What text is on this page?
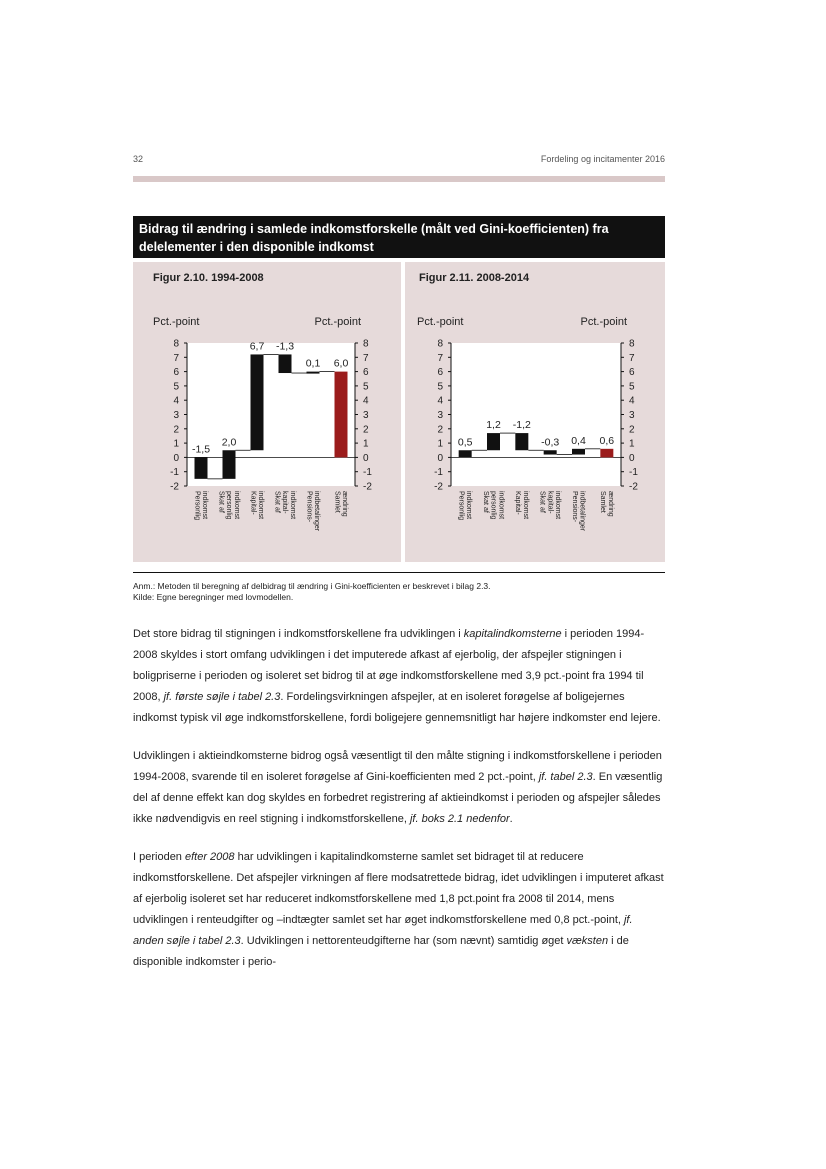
32	Fordeling og incitamenter 2016
Bidrag til ændring i samlede indkomstforskelle (målt ved Gini-koefficienten) fra delelementer i den disponible indkomst
Figur 2.10. 1994-2008
Pct.-point	Pct.-point
8	8
7	7
6	6
5	5
4	4
3	3
2	2
1	1
0	0
-1	-1
-2	-2
-1,5
Personligindkomst
2,0
Skat afpersonligindkomst
6,7
Kapital-indkomst
-1,3
Skat afkapital-indkomst
0,1
Pensions-indbetalinger
6,0
Samletændring
Figur 2.11. 2008-2014
Pct.-point	Pct.-point
8	8
7	7
6	6
5	5
4	4
3	3
2	2
1	1
0	0
-1	-1
-2	-2
0,5
Personligindkomst
1,2
Skat afpersonligindkomst
-1,2
Kapital-indkomst
-0,3
Skat afkapital-indkomst
0,4
Pensions-indbetalinger
0,6
Samletændring
Anm.: Metoden til beregning af delbidrag til ændring i Gini-koefficienten er beskrevet i bilag 2.3.
Kilde: Egne beregninger med lovmodellen.

Det store bidrag til stigningen i indkomstforskellene fra udviklingen i kapitalindkomsterne i perioden 1994-2008 skyldes i stort omfang udviklingen i det imputerede afkast af ejerbolig, der afspejler stigningen i boligpriserne i perioden og isoleret set bidrog til at øge indkomstforskellene med 3,9 pct.-point fra 1994 til 2008, jf. første søjle i tabel 2.3. Fordelingsvirkningen afspejler, at en isoleret forøgelse af boligejernes indkomst typisk vil øge indkomstforskellene, fordi boligejere gennemsnitligt har højere indkomster end lejere.

Udviklingen i aktieindkomsterne bidrog også væsentligt til den målte stigning i indkomstforskellene i perioden 1994-2008, svarende til en isoleret forøgelse af Gini-koefficienten med 2 pct.-point, jf. tabel 2.3. En væsentlig del af denne effekt kan dog skyldes en forbedret registrering af aktieindkomst i perioden og afspejler således ikke nødvendigvis en reel stigning i indkomstforskellene, jf. boks 2.1 nedenfor.

I perioden efter 2008 har udviklingen i kapitalindkomsterne samlet set bidraget til at reducere indkomstforskellene. Det afspejler virkningen af flere modsatrettede bidrag, idet udviklingen i imputeret afkast af ejerbolig isoleret set har reduceret indkomstforskellene med 1,8 pct.point fra 2008 til 2014, mens udviklingen i renteudgifter og –indtægter samlet set har øget indkomstforskellene med 0,8 pct.-point, jf. anden søjle i tabel 2.3. Udviklingen i nettorenteudgifterne har (som nævnt) samtidig øget væksten i de disponible indkomster i perio-
